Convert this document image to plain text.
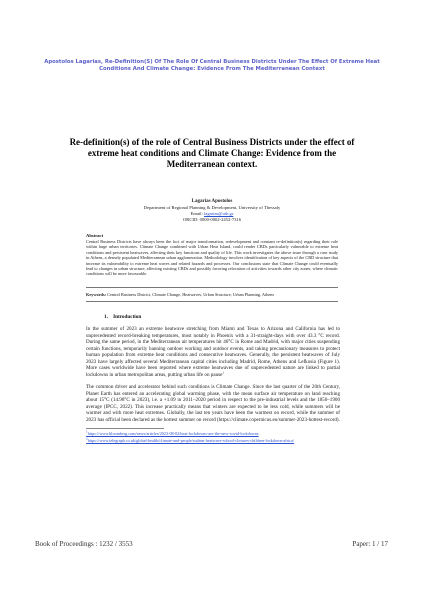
Apostolos Lagarias, Re-Definition(S) Of The Role Of Central Business Districts Under The Effect Of Extreme Heat Conditions And Climate Change: Evidence From The Mediterranean Context
Re-definition(s) of the role of Central Business Districts under the effect of extreme heat conditions and Climate Change: Evidence from the Mediterranean context.
Lagarias Apostolos
Department of Regional Planning & Development, University of Thessaly
Email: lagarias@uth.gr
ORCID: 0000-0002-2452-7316
Abstract
Central Business Districts have always been the foci of major transformation, redevelopment and constant re-definition(s) regarding their role within large urban territories. Climate Change combined with Urban Heat Island, could render CBDs particularly vulnerable to extreme heat conditions and persistent heatwaves, affecting their key functions and quality of life. This work investigates the above issue through a case study in Athens, a densely populated Mediterranean urban agglomeration. Methodology involves identification of key aspects of the CBD structure that increase its vulnerability to extreme heat waves and related hazards and processes. Our conclusions state that Climate Change could eventually lead to changes in urban structure, affecting existing CBDs and possibly favoring relocation of activities towards other city zones, where climatic conditions will be more favourable.
Keywords: Central Business District, Climate Change, Heatwaves, Urban Structure, Urban Planning, Athens
1. Introduction
In the summer of 2023 an extreme heatwave stretching from Miami and Texas to Arizona and California has led to unprecedented record-breaking temperatures, most notably in Phoenix with a 31-straight-days with over 43.3 °C record. During the same period, in the Mediterranean air temperatures hit 46°C in Rome and Madrid, with major cities suspending certain functions, temporarily banning outdoor working and outdoor events, and taking precautionary measures to protect human population from extreme heat conditions and consecutive heatwaves. Generally, the persistent heatwaves of July 2023 have largely affected several Mediterranean capital cities including Madrid, Rome, Athens and Lefkosia (Figure 1). More cases worldwide have been reported where extreme heatwaves due of unprecedented nature are linked to partial lockdowns in urban metropolitan areas, putting urban life on pause$^1$
The common driver and accelerator behind such conditions is Climate Change. Since the last quarter of the 20th Century, Planet Earth has entered an accelerating global warming phase, with the mean surface air temperature on land reaching about 15°C (14.98°C in 2023), i.e. a +1.09 in 2011–2020 period in respect to the pre-industrial levels and the 1850–1900 average (IPCC, 2022). This increase practically means that winters are expected to be less cold, while summers will be warmer and with more heat extremes. Globally, the last ten years have been the warmest on record, while the summer of 2023 has official been declared as the hottest summer on record (https://climate.copernicus.eu/summer-2023-hottest-record).
$^1$https://www.bloomberg.com/news/articles/2023-08-02/heat-lockdowns-are-the-new-covid-lockdowns
$^2$https://www.telegraph.co.uk/global-health/climate-and-people/sudans-heatwave-school-closures-children-lockdown-africa/
Book of Proceedings : 1232 / 3553	Paper: 1 / 17
